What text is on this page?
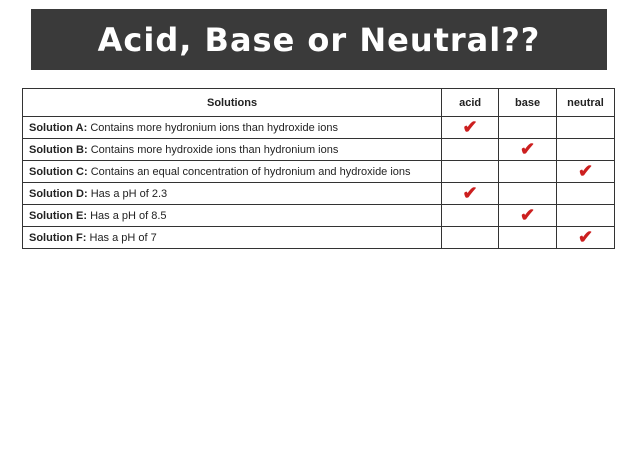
Acid, Base or Neutral??
Solutions	acid	base	neutral
Solution A: Contains more hydronium ions than hydroxide ions	✔		
Solution B: Contains more hydroxide ions than hydronium ions		✔	
Solution C: Contains an equal concentration of hydronium and hydroxide ions			✔
Solution D: Has a pH of 2.3	✔		
Solution E: Has a pH of 8.5		✔	
Solution F: Has a pH of 7			✔
